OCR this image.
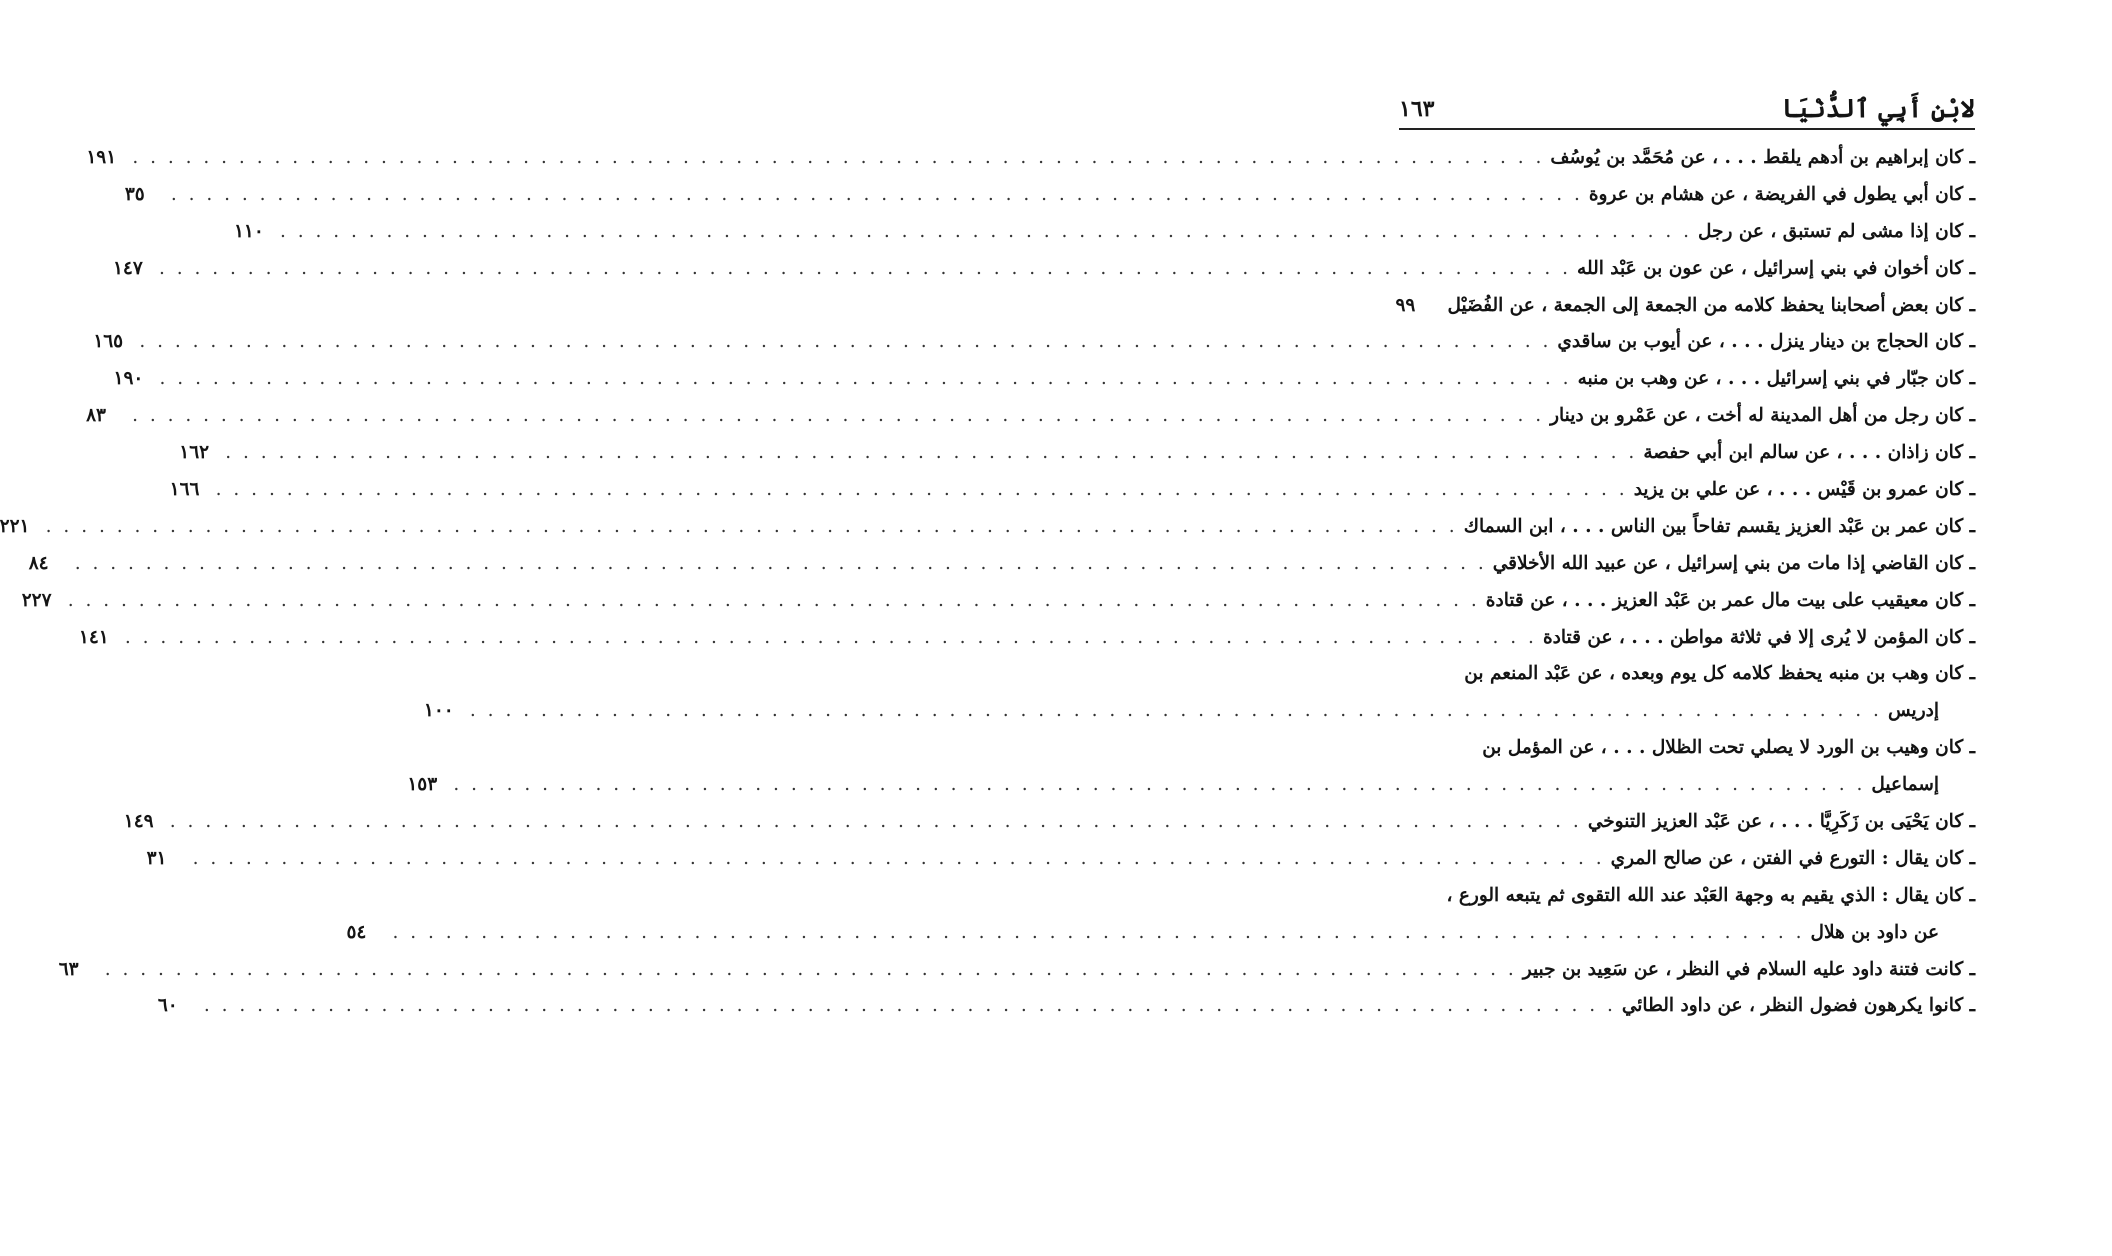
لابْنِ أَبِي ٱلدُّنْيَا
١٦٣
ـ كان إبراهيم بن أدهم يلقط . . . ، عن مُحَمَّد بن يُوسُف
. . . . . . . . . . . . . . . . . . . . . . . . . . . . . . . . . . . . . . . . . . . . . . . . . . . . . . . . . . . . . . . . . . . . . . . . . . . . . . . .
١٩١
ـ كان أبي يطول في الفريضة ، عن هشام بن عروة
. . . . . . . . . . . . . . . . . . . . . . . . . . . . . . . . . . . . . . . . . . . . . . . . . . . . . . . . . . . . . . . . . . . . . . . . . . . . . . . .
٣٥
ـ كان إذا مشى لم تستبق ، عن رجل
. . . . . . . . . . . . . . . . . . . . . . . . . . . . . . . . . . . . . . . . . . . . . . . . . . . . . . . . . . . . . . . . . . . . . . . . . . . . . . . .
١١٠
ـ كان أخوان في بني إسرائيل ، عن عون بن عَبْد الله
. . . . . . . . . . . . . . . . . . . . . . . . . . . . . . . . . . . . . . . . . . . . . . . . . . . . . . . . . . . . . . . . . . . . . . . . . . . . . . . .
١٤٧
ـ كان بعض أصحابنا يحفظ كلامه من الجمعة إلى الجمعة ، عن الفُضَيْل
٩٩
ـ كان الحجاج بن دينار ينزل . . . ، عن أيوب بن ساقدي
. . . . . . . . . . . . . . . . . . . . . . . . . . . . . . . . . . . . . . . . . . . . . . . . . . . . . . . . . . . . . . . . . . . . . . . . . . . . . . . .
١٦٥
ـ كان جبّار في بني إسرائيل . . . ، عن وهب بن منبه
. . . . . . . . . . . . . . . . . . . . . . . . . . . . . . . . . . . . . . . . . . . . . . . . . . . . . . . . . . . . . . . . . . . . . . . . . . . . . . . .
١٩٠
ـ كان رجل من أهل المدينة له أخت ، عن عَمْرو بن دينار
. . . . . . . . . . . . . . . . . . . . . . . . . . . . . . . . . . . . . . . . . . . . . . . . . . . . . . . . . . . . . . . . . . . . . . . . . . . . . . . .
٨٣
ـ كان زاذان . . . ، عن سالم ابن أبي حفصة
. . . . . . . . . . . . . . . . . . . . . . . . . . . . . . . . . . . . . . . . . . . . . . . . . . . . . . . . . . . . . . . . . . . . . . . . . . . . . . . .
١٦٢
ـ كان عمرو بن قَيْس . . . ، عن علي بن يزيد
. . . . . . . . . . . . . . . . . . . . . . . . . . . . . . . . . . . . . . . . . . . . . . . . . . . . . . . . . . . . . . . . . . . . . . . . . . . . . . . .
١٦٦
ـ كان عمر بن عَبْد العزيز يقسم تفاحاً بين الناس . . . ، ابن السماك
. . . . . . . . . . . . . . . . . . . . . . . . . . . . . . . . . . . . . . . . . . . . . . . . . . . . . . . . . . . . . . . . . . . . . . . . . . . . . . . .
٢٢١
ـ كان القاضي إذا مات من بني إسرائيل ، عن عبيد الله الأخلاقي
. . . . . . . . . . . . . . . . . . . . . . . . . . . . . . . . . . . . . . . . . . . . . . . . . . . . . . . . . . . . . . . . . . . . . . . . . . . . . . . .
٨٤
ـ كان معيقيب على بيت مال عمر بن عَبْد العزيز . . . ، عن قتادة
. . . . . . . . . . . . . . . . . . . . . . . . . . . . . . . . . . . . . . . . . . . . . . . . . . . . . . . . . . . . . . . . . . . . . . . . . . . . . . . .
٢٢٧
ـ كان المؤمن لا يُرى إلا في ثلاثة مواطن . . . ، عن قتادة
. . . . . . . . . . . . . . . . . . . . . . . . . . . . . . . . . . . . . . . . . . . . . . . . . . . . . . . . . . . . . . . . . . . . . . . . . . . . . . . .
١٤١
ـ كان وهب بن منبه يحفظ كلامه كل يوم وبعده ، عن عَبْد المنعم بن
إدريس
. . . . . . . . . . . . . . . . . . . . . . . . . . . . . . . . . . . . . . . . . . . . . . . . . . . . . . . . . . . . . . . . . . . . . . . . . . . . . . . .
١٠٠
ـ كان وهيب بن الورد لا يصلي تحت الظلال . . . ، عن المؤمل بن
إسماعيل
. . . . . . . . . . . . . . . . . . . . . . . . . . . . . . . . . . . . . . . . . . . . . . . . . . . . . . . . . . . . . . . . . . . . . . . . . . . . . . . .
١٥٣
ـ كان يَحْيَى بن زَكَرِيَّا . . . ، عن عَبْد العزيز التنوخي
. . . . . . . . . . . . . . . . . . . . . . . . . . . . . . . . . . . . . . . . . . . . . . . . . . . . . . . . . . . . . . . . . . . . . . . . . . . . . . . .
١٤٩
ـ كان يقال : التورع في الفتن ، عن صالح المري
. . . . . . . . . . . . . . . . . . . . . . . . . . . . . . . . . . . . . . . . . . . . . . . . . . . . . . . . . . . . . . . . . . . . . . . . . . . . . . . .
٣١
ـ كان يقال : الذي يقيم به وجهة العَبْد عند الله التقوى ثم يتبعه الورع ،
عن داود بن هلال
. . . . . . . . . . . . . . . . . . . . . . . . . . . . . . . . . . . . . . . . . . . . . . . . . . . . . . . . . . . . . . . . . . . . . . . . . . . . . . . .
٥٤
ـ كانت فتنة داود عليه السلام في النظر ، عن سَعِيد بن جبير
. . . . . . . . . . . . . . . . . . . . . . . . . . . . . . . . . . . . . . . . . . . . . . . . . . . . . . . . . . . . . . . . . . . . . . . . . . . . . . . .
٦٣
ـ كانوا يكرهون فضول النظر ، عن داود الطائي
. . . . . . . . . . . . . . . . . . . . . . . . . . . . . . . . . . . . . . . . . . . . . . . . . . . . . . . . . . . . . . . . . . . . . . . . . . . . . . . .
٦٠
